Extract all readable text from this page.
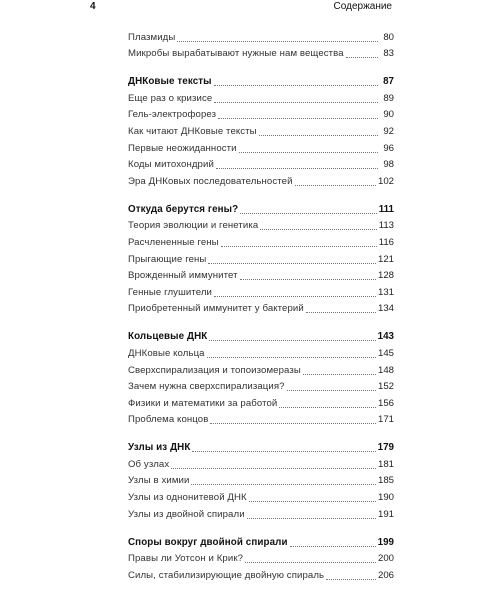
4	Содержание
Плазмиды	80
Микробы вырабатывают нужные нам вещества	83
ДНКовые тексты	87
Еще раз о кризисе	89
Гель-электрофорез	90
Как читают ДНКовые тексты	92
Первые неожиданности	96
Коды митохондрий	98
Эра ДНКовых последовательностей	102
Откуда берутся гены?	111
Теория эволюции и генетика	113
Расчлененные гены	116
Прыгающие гены	121
Врожденный иммунитет	128
Генные глушители	131
Приобретенный иммунитет у бактерий	134
Кольцевые ДНК	143
ДНКовые кольца	145
Сверхспирализация и топоизомеразы	148
Зачем нужна сверхспирализация?	152
Физики и математики за работой	156
Проблема концов	171
Узлы из ДНК	179
Об узлах	181
Узлы в химии	185
Узлы из однонитевой ДНК	190
Узлы из двойной спирали	191
Споры вокруг двойной спирали	199
Правы ли Уотсон и Крик?	200
Силы, стабилизирующие двойную спираль	206
